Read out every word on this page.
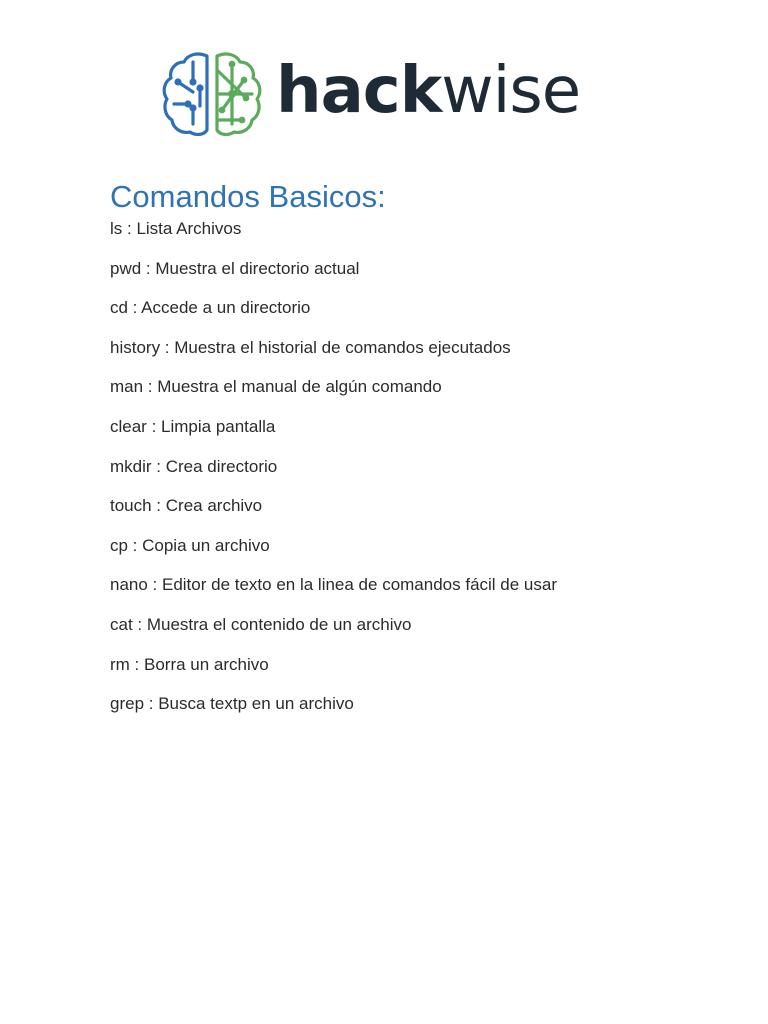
hackwise
Comandos Basicos:
ls : Lista Archivos
pwd : Muestra el directorio actual
cd : Accede a un directorio
history : Muestra el historial de comandos ejecutados
man : Muestra el manual de algún comando
clear : Limpia pantalla
mkdir : Crea directorio
touch : Crea archivo
cp : Copia un archivo
nano : Editor de texto en la linea de comandos fácil de usar
cat : Muestra el contenido de un archivo
rm : Borra un archivo
grep : Busca textp en un archivo
